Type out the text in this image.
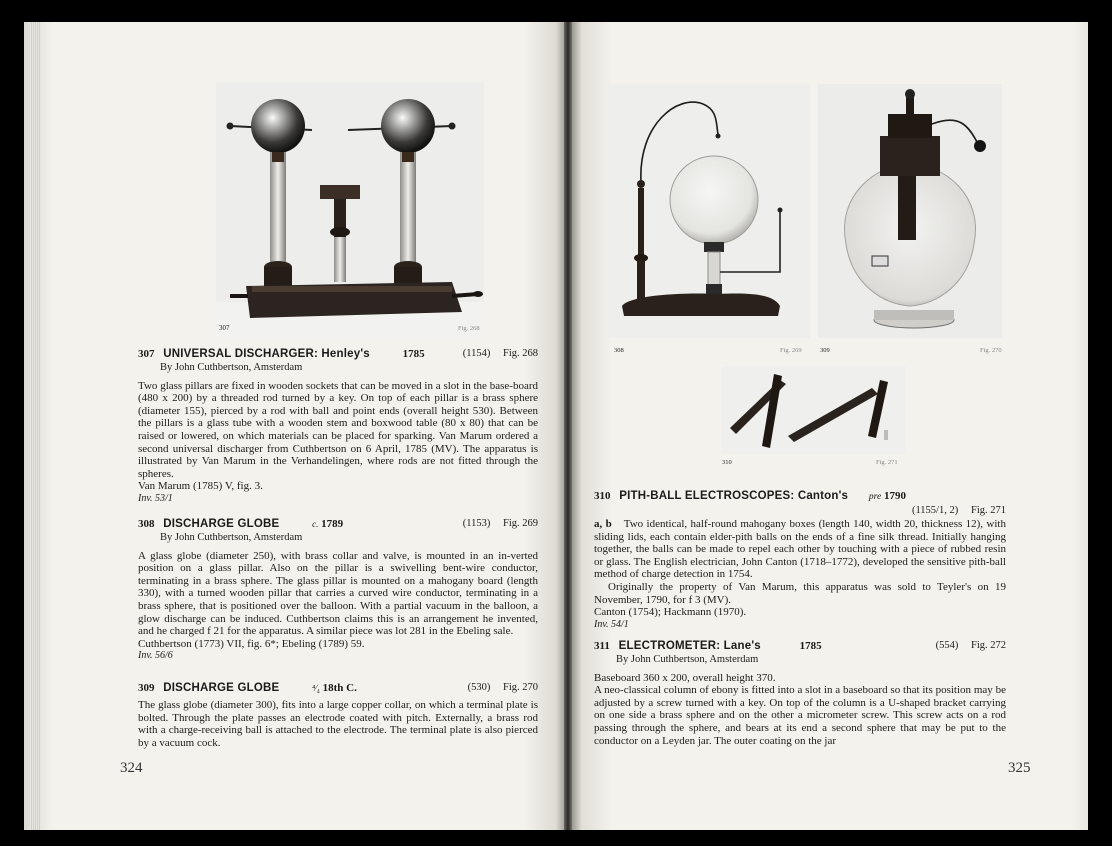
307	Fig. 268
307 UNIVERSAL DISCHARGER: Henley's	1785	(1154) Fig. 268
By John Cuthbertson, Amsterdam

Two glass pillars are fixed in wooden sockets that can be moved in a slot in the base-board (480 x 200) by a threaded rod turned by a key. On top of each pillar is a brass sphere (diameter 155), pierced by a rod with ball and point ends (overall height 530). Between the pillars is a glass tube with a wooden stem and boxwood table (80 x 80) that can be raised or lowered, on which materials can be placed for sparking. Van Marum ordered a second universal discharger from Cuthbertson on 6 April, 1785 (MV). The apparatus is illustrated by Van Marum in the Verhandelingen, where rods are not fitted through the spheres.

Van Marum (1785) V, fig. 3.

Inv. 53/1

308 DISCHARGE GLOBE	c. 1789	(1153) Fig. 269
By John Cuthbertson, Amsterdam

A glass globe (diameter 250), with brass collar and valve, is mounted in an in-verted position on a glass pillar. Also on the pillar is a swivelling bent-wire conductor, terminating in a brass sphere. The glass pillar is mounted on a mahogany board (length 330), with a turned wooden pillar that carries a curved wire conductor, terminating in a brass sphere, that is positioned over the balloon. With a partial vacuum in the balloon, a glow discharge can be induced. Cuthbertson claims this is an arrangement he invented, and he charged f 21 for the apparatus. A similar piece was lot 281 in the Ebeling sale.

Cuthbertson (1773) VII, fig. 6*; Ebeling (1789) 59.

Inv. 56/6

309 DISCHARGE GLOBE	⁴⁄₄ 18th C.	(530) Fig. 270

The glass globe (diameter 300), fits into a large copper collar, on which a terminal plate is bolted. Through the plate passes an electrode coated with pitch. Externally, a brass rod with a charge-receiving ball is attached to the electrode. The terminal plate is also pierced by a vacuum cock.

324
308	Fig. 269	309	Fig. 270
310	Fig. 271
310 PITH-BALL ELECTROSCOPES: Canton's pre 1790
(1155/1, 2) Fig. 271

a, b Two identical, half-round mahogany boxes (length 140, width 20, thickness 12), with sliding lids, each contain elder-pith balls on the ends of a fine silk thread. Initially hanging together, the balls can be made to repel each other by touching with a piece of rubbed resin or glass. The English electrician, John Canton (1718–1772), developed the sensitive pith-ball method of charge detection in 1754.

Originally the property of Van Marum, this apparatus was sold to Teyler's on 19 November, 1790, for f 3 (MV).

Canton (1754); Hackmann (1970).

Inv. 54/1

311 ELECTROMETER: Lane's	1785	(554) Fig. 272
By John Cuthbertson, Amsterdam

Baseboard 360 x 200, overall height 370.

A neo-classical column of ebony is fitted into a slot in a baseboard so that its position may be adjusted by a screw turned with a key. On top of the column is a U-shaped bracket carrying on one side a brass sphere and on the other a micrometer screw. This screw acts on a rod passing through the sphere, and bears at its end a second sphere that may be put to the conductor on a Leyden jar. The outer coating on the jar

325
